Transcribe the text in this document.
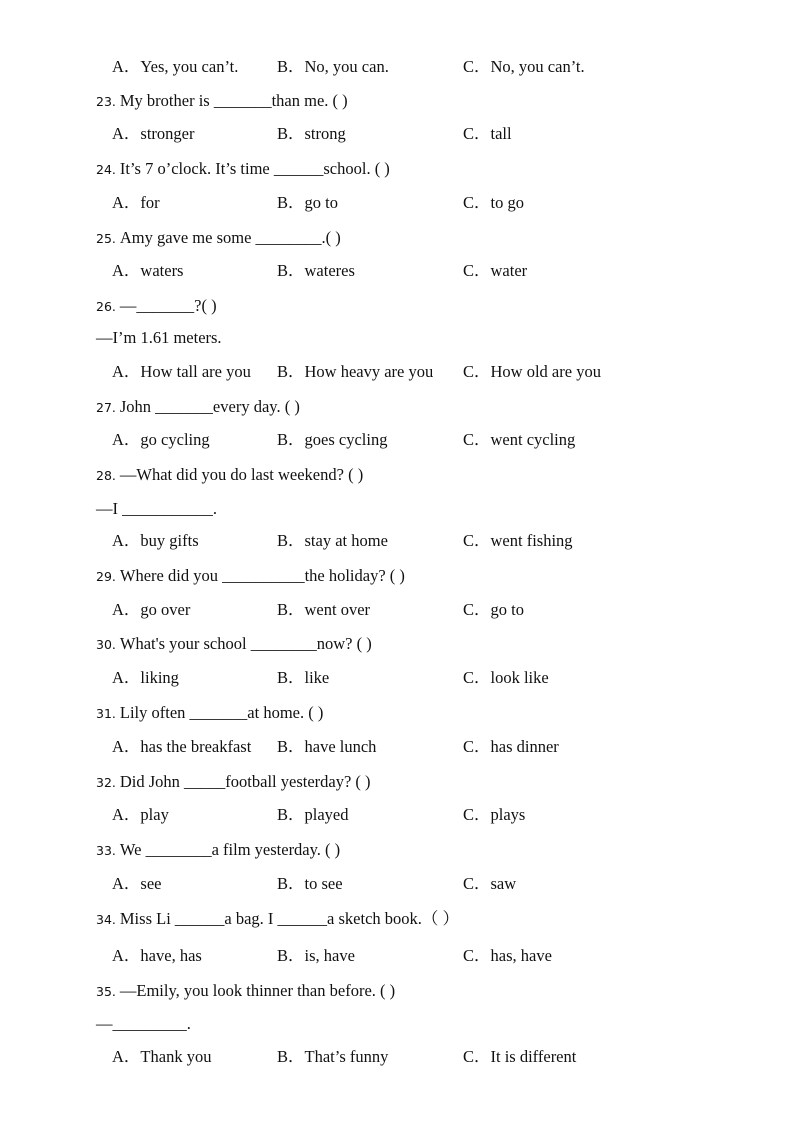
A．Yes, you can’t. B．No, you can.	C．No, you can’t.
23. My brother is _______than me. ( )
A．stronger	B．strong	C．tall
24. It’s 7 o’clock. It’s time ______school. ( )
A．for	B．go to	C．to go
25. Amy gave me some ________.( )
A．waters	B．wateres	C．water
26. —_______?( )
—I’m 1.61 meters.
A．How tall are you B．How heavy are you C．How old are you
27. John _______every day. ( )
A．go cycling	B．goes cycling	C．went cycling
28. —What did you do last weekend? ( )
—I ___________.
A．buy gifts	B．stay at home	C．went fishing
29. Where did you __________the holiday? ( )
A．go over	B．went over	C．go to
30. What's your school ________now? ( )
A．liking	B．like	C．look like
31. Lily often _______at home. ( )
A．has the breakfast B．have lunch	C．has dinner
32. Did John _____football yesterday? ( )
A．play	B．played	C．plays
33. We ________a film yesterday. ( )
A．see	B．to see	C．saw
34. Miss Li ______a bag. I ______a sketch book.（ ）
A．have, has	B．is, have	C．has, have
35. —Emily, you look thinner than before. ( )
—_________.
A．Thank you	B．That’s funny	C．It is different
